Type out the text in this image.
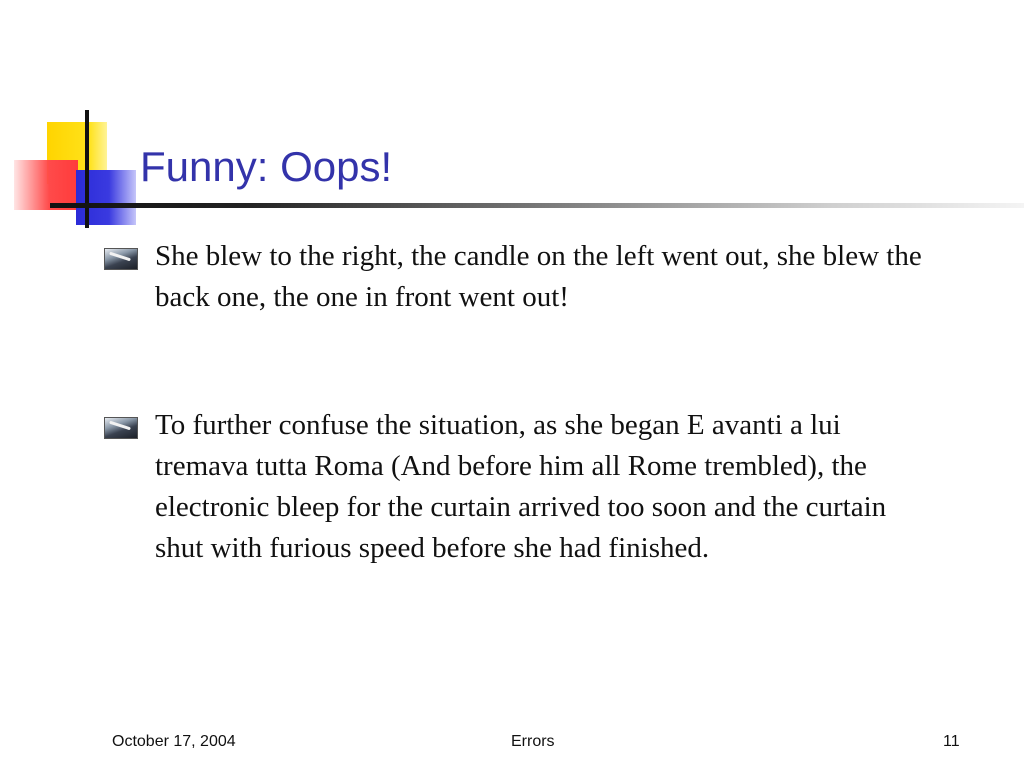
Funny: Oops!
She blew to the right, the candle on the left went out, she blew the back one, the one in front went out!
To further confuse the situation, as she began E avanti a lui tremava tutta Roma (And before him all Rome trembled), the electronic bleep for the curtain arrived too soon and the curtain shut with furious speed before she had finished.
October 17, 2004	Errors	11
